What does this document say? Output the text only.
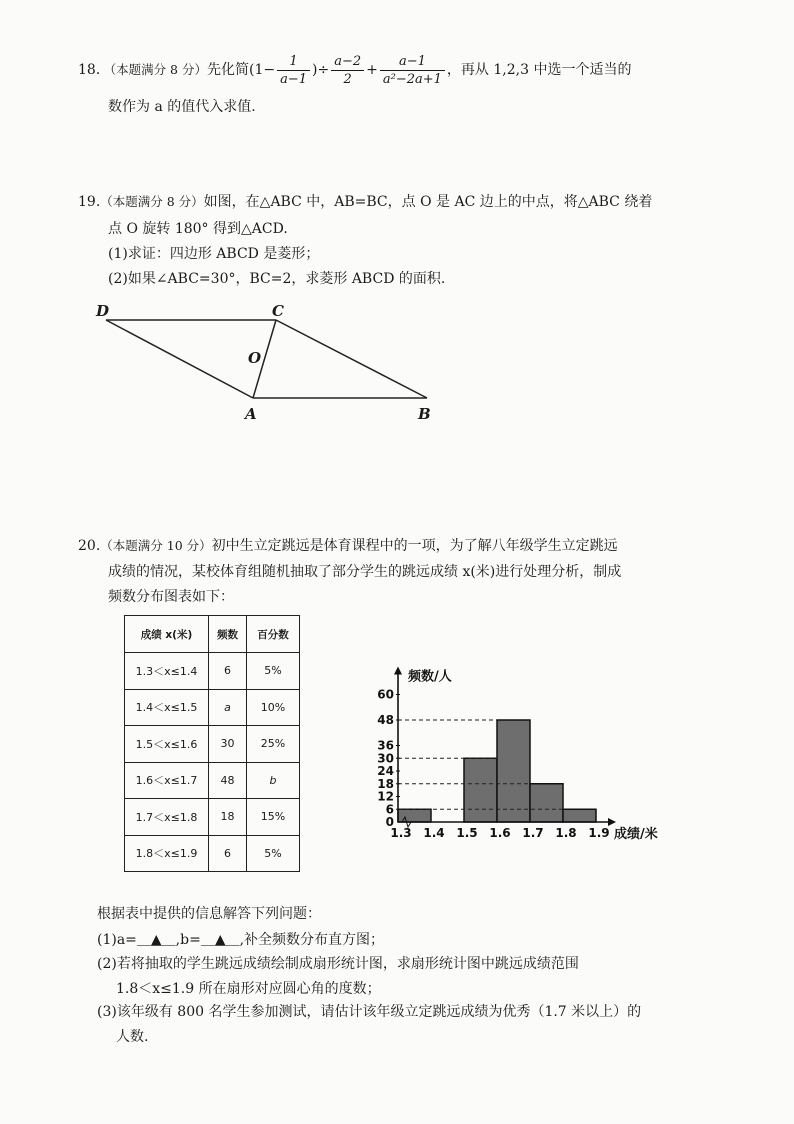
18．（本题满分 8 分）先化简($1- \frac{1}{a-1}$ )÷ $\frac{a-2}{2} + \frac{a-1}{\text{a²−2a+1}}$ ，再从 1,2,3 中选一个适当的
数作为 a 的值代入求值.
19.（本题满分 8 分）如图，在△ABC 中，AB=BC，点 O 是 AC 边上的中点，将△ABC 绕着
点 O 旋转 180° 得到△ACD.
(1)求证：四边形 ABCD 是菱形；
(2)如果∠ABC=30°，BC=2，求菱形 ABCD 的面积.
D	C
O
A	B
20.（本题满分 10 分）初中生立定跳远是体育课程中的一项，为了解八年级学生立定跳远
成绩的情况，某校体育组随机抽取了部分学生的跳远成绩 x(米)进行处理分析，制成
频数分布图表如下：
成绩 x(米)	频数	百分数
1.3＜x≤1.4	6	5%
1.4＜x≤1.5	a	10%
1.5＜x≤1.6	30	25%
1.6＜x≤1.7	48	b
1.7＜x≤1.8	18	15%
1.8＜x≤1.9	6	5%
0
6
12
18
24
30
36
48
60
1.3 1.4 1.5 1.6 1.7 1.8 1.9
频数/人
成绩/米
根据表中提供的信息解答下列问题：
(1)a=＿▲＿,b=＿▲＿,补全频数分布直方图；
(2)若将抽取的学生跳远成绩绘制成扇形统计图，求扇形统计图中跳远成绩范围
1.8＜x≤1.9 所在扇形对应圆心角的度数；
(3)该年级有 800 名学生参加测试，请估计该年级立定跳远成绩为优秀（1.7 米以上）的
人数.
